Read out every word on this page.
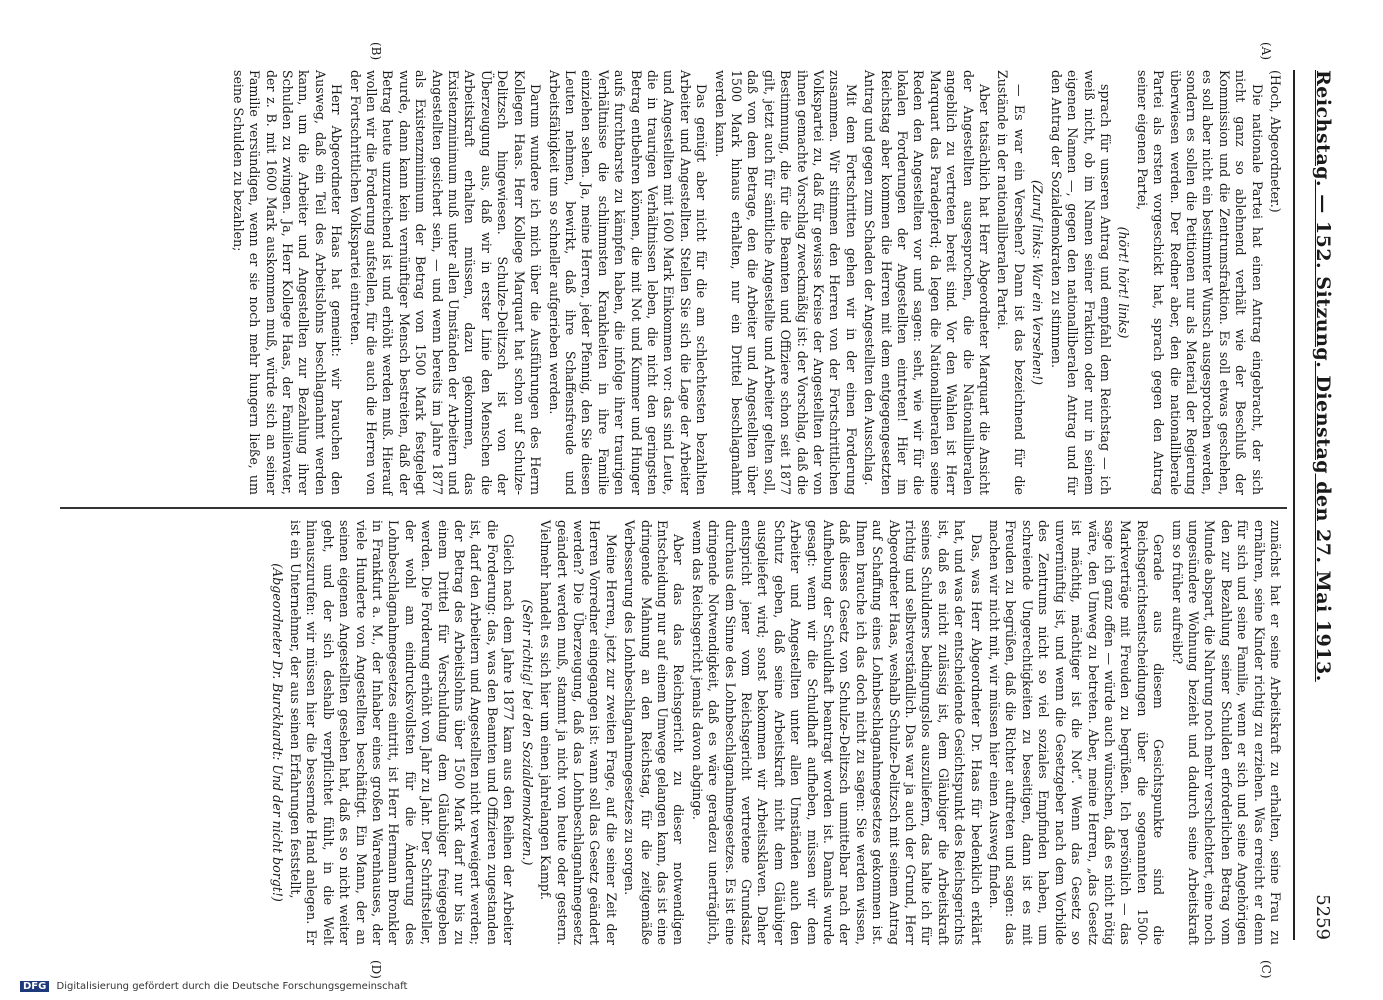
Reichstag. — 152. Sitzung. Dienstag den 27. Mai 1913.
5259
(A)
(B)
(C)
(D)

(Hoch, Abgeordneter.)

Die nationale Partei hat einen Antrag eingebracht, der sich nicht ganz so ablehnend verhält wie der Beschluß der Kommission und die Zentrumsfraktion. Es soll etwas geschehen, es soll aber nicht ein bestimmter Wunsch ausgesprochen werden, sondern es sollen die Petitionen nur als Material der Regierung überwiesen werden. Der Redner aber, den die nationalliberale Partei als ersten vorgeschickt hat, sprach gegen den Antrag seiner eigenen Partei,

(hört! hört! links)

sprach für unseren Antrag und empfahl dem Reichstag — ich weiß nicht, ob im Namen seiner Fraktion oder nur in seinem eigenen Namen —, gegen den nationalliberalen Antrag und für den Antrag der Sozialdemokraten zu stimmen.

(Zuruf links: War ein Versehen!)

— Es war ein Versehen? Dann ist das bezeichnend für die Zustände in der nationalliberalen Partei.

Aber tatsächlich hat Herr Abgeordneter Marquart die Ansicht der Angestellten ausgesprochen, die die Nationalliberalen angeblich zu vertreten bereit sind. Vor den Wahlen ist Herr Marquart das Paradepferd; da legen die Nationalliberalen seine Reden den Angestellten vor und sagen: seht, wie wir für die lokalen Forderungen der Angestellten eintreten! Hier im Reichstag aber kommen die Herren mit dem entgegengesetzten Antrag und gegen zum Schaden der Angestellten den Ausschlag.

Mit dem Fortschritten gehen wir in der einen Forderung zusammen. Wir stimmen den Herren von der Fortschrittlichen Volkspartei zu, daß für gewisse Kreise der Angestellten der von ihnen gemachte Vorschlag zweckmäßig ist: der Vorschlag, daß die Bestimmung, die für die Beamten und Offiziere schon seit 1877 gilt, jetzt auch für sämtliche Angestellte und Arbeiter gelten soll, daß von dem Betrage, den die Arbeiter und Angestellten über 1500 Mark hinaus erhalten, nur ein Drittel beschlagnahmt werden kann.

Das genügt aber nicht für die am schlechtesten bezahlten Arbeiter und Angestellten. Stellen Sie sich die Lage der Arbeiter und Angestellten mit 1600 Mark Einkommen vor: das sind Leute, die in traurigen Verhältnissen leben, die nicht den geringsten Betrag entbehren können, die mit Not und Kummer und Hunger aufs furchtbarste zu kämpfen haben, die infolge ihrer traurigen Verhältnisse die schlimmsten Krankheiten in ihre Familie einziehen sehen. Ja, meine Herren, jeder Pfennig, den Sie diesen Leuten nehmen, bewirkt, daß ihre Schaffensfreude und Arbeitsfähigkeit um so schneller aufgerieben werden.

Darum wundere ich mich über die Ausführungen des Herrn Kollegen Haas. Herr Kollege Marquart hat schon auf Schulze-Delitzsch hingewiesen. Schulze-Delitzsch ist von der Überzeugung aus, daß wir in erster Linie den Menschen die Arbeitskraft erhalten müssen, dazu gekommen, das Existenzminimum muß unter allen Umständen der Arbeitern und Angestellten gesichert sein, — und wenn bereits im Jahre 1877 als Existenzminimum der Betrag von 1500 Mark festgelegt wurde, dann kann kein vernünftiger Mensch bestreiten, daß der Betrag heute unzureichend ist und erhöht werden muß. Hierauf wollen wir die Forderung aufstellen, für die auch die Herren von der Fortschrittlichen Volkspartei eintreten.

Herr Abgeordneter Haas hat gemeint: wir brauchen den Ausweg, daß ein Teil des Arbeitslohns beschlagnahmt werden kann, um die Arbeiter und Angestellten zur Bezahlung ihrer Schulden zu zwingen. Ja, Herr Kollege Haas, der Familienvater, der z. B. mit 1600 Mark auskommen muß, würde sich an seiner Familie versündigen, wenn er sie noch mehr hungern ließe, um seine Schulden zu bezahlen;

zunächst hat er seine Arbeitskraft zu erhalten, seine Frau zu ernähren, seine Kinder richtig zu erziehen. Was erreicht er denn für sich und seine Familie, wenn er sich und seine Angehörigen den zur Bezahlung seiner Schulden erforderlichen Betrag vom Munde abspart, die Nahrung noch mehr verschlechtert, eine noch ungesündere Wohnung bezieht und dadurch seine Arbeitskraft um so früher aufreibt?

Gerade aus diesem Gesichtspunkte sind die Reichsgerichtsentscheidungen über die sogenannten 1500-Markverträge mit Freuden zu begrüßen. Ich persönlich — das sage ich ganz offen — würde auch wünschen, daß es nicht nötig wäre, den Umweg zu betreten. Aber, meine Herren, „das Gesetz ist mächtig, mächtiger ist die Not“. Wenn das Gesetz so unvernünftig ist, und wenn die Gesetzgeber nach dem Vorbilde des Zentrums nicht so viel soziales Empfinden haben, um schreiende Ungerechtigkeiten zu beseitigen, dann ist es mit Freuden zu begrüßen, daß die Richter auftreten und sagen: das machen wir nicht mit, wir müssen hier einen Ausweg finden.

Das, was Herr Abgeordneter Dr. Haas für bedenklich erklärt hat, und was der entscheidende Gesichtspunkt des Reichsgerichts ist, daß es nicht zulässig ist, dem Gläubiger die Arbeitskraft seines Schuldners bedingungslos auszuliefern, das halte ich für richtig und selbstverständlich. Das war ja auch der Grund, Herr Abgeordneter Haas, weshalb Schulze-Delitzsch mit seinem Antrag auf Schaffung eines Lohnbeschlagnahmegesetzes gekommen ist. Ihnen brauche ich das doch nicht zu sagen: Sie werden wissen, daß dieses Gesetz von Schulze-Delitzsch unmittelbar nach der Aufhebung der Schuldhaft beantragt worden ist. Damals wurde gesagt: wenn wir die Schuldhaft aufheben, müssen wir dem Arbeiter und Angestellten unter allen Umständen auch den Schutz geben, daß seine Arbeitskraft nicht dem Gläubiger ausgeliefert wird; sonst bekommen wir Arbeitssklaven. Daher entspricht jener vom Reichsgericht vertretene Grundsatz durchaus dem Sinne des Lohnbeschlagnahmegesetzes. Es ist eine dringende Notwendigkeit, daß es wäre geradezu unerträglich, wenn das Reichsgericht jemals davon abginge.

Aber das das Reichsgericht zu dieser notwendigen Entscheidung nur auf einem Umwege gelangen kann, das ist eine dringende Mahnung an den Reichstag, für die zeitgemäße Verbesserung des Lohnbeschlagnahmegesetzes zu sorgen.

Meine Herren, jetzt zur zweiten Frage, auf die seiner Zeit der Herren Vorredner eingegangen ist: wann soll das Gesetz geändert werden? Die Überzeugung, daß das Lohnbeschlagnahmegesetz geändert werden muß, stammt ja nicht von heute oder gestern. Vielmehr handelt es sich hier um einen jahrelangen Kampf.

(Sehr richtig! bei den Sozialdemokraten.)

Gleich nach dem Jahre 1877 kam aus den Reihen der Arbeiter die Forderung: das, was den Beamten und Offizieren zugestanden ist, darf den Arbeitern und Angestellten nicht verweigert werden; der Betrag des Arbeitslohns über 1500 Mark darf nur bis zu einem Drittel für Verschuldung dem Gläubiger freigegeben werden. Die Forderung erhöht von Jahr zu Jahr. Der Schriftsteller, der wohl am eindrucksvollsten für die Änderung des Lohnbeschlagnahmegesetzes eintritt, ist Herr Hermann Bronkler in Frankfurt a. M., der Inhaber eines großen Warenhauses, der viele Hunderte von Angestellten beschäftigt. Ein Mann, der an seinen eigenen Angestellten gesehen hat, daß es so nicht weiter geht, und der sich deshalb verpflichtet fühlt, in die Welt hinauszurufen: wir müssen hier die bessernde Hand anlegen. Er ist ein Unternehmer, der aus seinen Erfahrungen feststellt,

(Abgeordneter Dr. Burckhardt: Und der nicht borgt!)

DFG Digitalisierung gefördert durch die Deutsche Forschungsgemeinschaft
